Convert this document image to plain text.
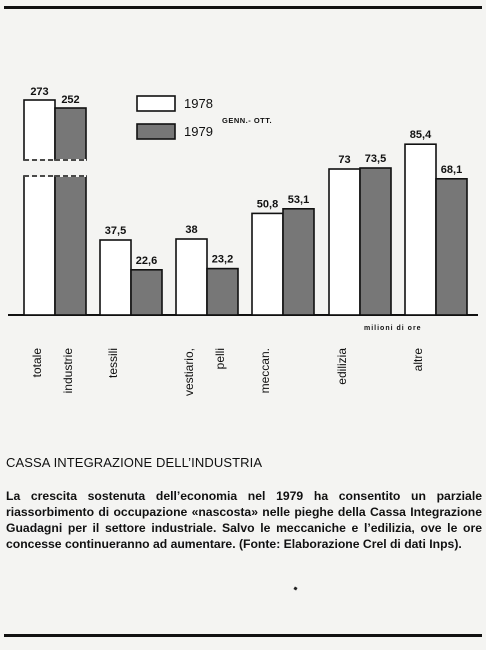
273
252
totale industrie
37,5
22,6
tessili
38
23,2
vestiario, pelli
50,8 53,1
meccan.
73 73,5
edilizia
85,4
68,1
altre
1978
1979
GENN.- OTT.
milioni di ore
CASSA INTEGRAZIONE DELL’INDUSTRIA
La crescita sostenuta dell’economia nel 1979 ha consentito un parziale riassorbimento di occupazione «nascosta» nelle pieghe della Cassa Integrazione Guadagni per il settore industriale. Salvo le meccaniche e l’edilizia, ove le ore concesse continueranno ad aumentare. (Fonte: Elaborazione Crel di dati Inps).
